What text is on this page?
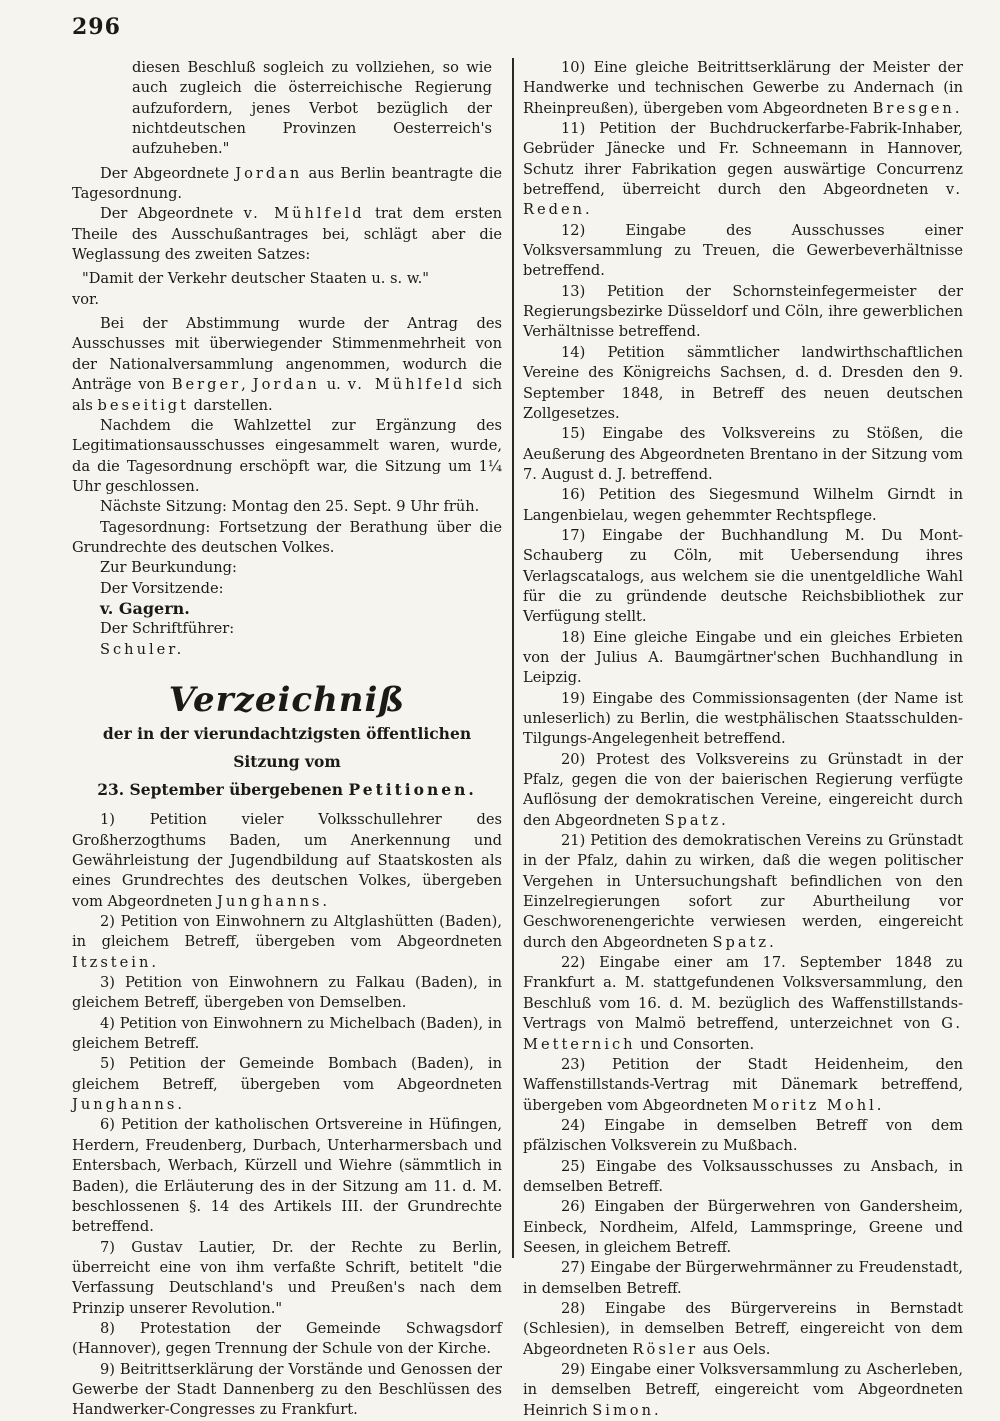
296

diesen Beschluß sogleich zu vollziehen, so wie auch zugleich die österreichische Regierung aufzufordern, jenes Verbot bezüglich der nichtdeutschen Provinzen Oesterreich's aufzuheben."

Der Abgeordnete Jordan aus Berlin beantragte die Tagesordnung.

Der Abgeordnete v. Mühlfeld trat dem ersten Theile des Ausschußantrages bei, schlägt aber die Weglassung des zweiten Satzes:

"Damit der Verkehr deutscher Staaten u. s. w."

vor.

Bei der Abstimmung wurde der Antrag des Ausschusses mit überwiegender Stimmenmehrheit von der Nationalversammlung angenommen, wodurch die Anträge von Berger, Jordan u. v. Mühlfeld sich als beseitigt darstellen.

Nachdem die Wahlzettel zur Ergänzung des Legitimationsausschusses eingesammelt waren, wurde, da die Tagesordnung erschöpft war, die Sitzung um 1¼ Uhr geschlossen.

Nächste Sitzung: Montag den 25. Sept. 9 Uhr früh.

Tagesordnung: Fortsetzung der Berathung über die Grundrechte des deutschen Volkes.

Zur Beurkundung:

Der Vorsitzende:

v. Gagern.

Der Schriftführer:

Schuler.

Verzeichniß

der in der vierundachtzigsten öffentlichen Sitzung vom
23. September übergebenen Petitionen.

1) Petition vieler Volksschullehrer des Großherzogthums Baden, um Anerkennung und Gewährleistung der Jugendbildung auf Staatskosten als eines Grundrechtes des deutschen Volkes, übergeben vom Abgeordneten Junghanns.

2) Petition von Einwohnern zu Altglashütten (Baden), in gleichem Betreff, übergeben vom Abgeordneten Itzstein.

3) Petition von Einwohnern zu Falkau (Baden), in gleichem Betreff, übergeben von Demselben.

4) Petition von Einwohnern zu Michelbach (Baden), in gleichem Betreff.

5) Petition der Gemeinde Bombach (Baden), in gleichem Betreff, übergeben vom Abgeordneten Junghanns.

6) Petition der katholischen Ortsvereine in Hüfingen, Herdern, Freudenberg, Durbach, Unterharmersbach und Entersbach, Werbach, Kürzell und Wiehre (sämmtlich in Baden), die Erläuterung des in der Sitzung am 11. d. M. beschlossenen §. 14 des Artikels III. der Grundrechte betreffend.

7) Gustav Lautier, Dr. der Rechte zu Berlin, überreicht eine von ihm verfaßte Schrift, betitelt "die Verfassung Deutschland's und Preußen's nach dem Prinzip unserer Revolution."

8) Protestation der Gemeinde Schwagsdorf (Hannover), gegen Trennung der Schule von der Kirche.

9) Beitrittserklärung der Vorstände und Genossen der Gewerbe der Stadt Dannenberg zu den Beschlüssen des Handwerker-Congresses zu Frankfurt.

10) Eine gleiche Beitrittserklärung der Meister der Handwerke und technischen Gewerbe zu Andernach (in Rheinpreußen), übergeben vom Abgeordneten Bresgen.

11) Petition der Buchdruckerfarbe-Fabrik-Inhaber, Gebrüder Jänecke und Fr. Schneemann in Hannover, Schutz ihrer Fabrikation gegen auswärtige Concurrenz betreffend, überreicht durch den Abgeordneten v. Reden.

12) Eingabe des Ausschusses einer Volksversammlung zu Treuen, die Gewerbeverhältnisse betreffend.

13) Petition der Schornsteinfegermeister der Regierungsbezirke Düsseldorf und Cöln, ihre gewerblichen Verhältnisse betreffend.

14) Petition sämmtlicher landwirthschaftlichen Vereine des Königreichs Sachsen, d. d. Dresden den 9. September 1848, in Betreff des neuen deutschen Zollgesetzes.

15) Eingabe des Volksvereins zu Stößen, die Aeußerung des Abgeordneten Brentano in der Sitzung vom 7. August d. J. betreffend.

16) Petition des Siegesmund Wilhelm Girndt in Langenbielau, wegen gehemmter Rechtspflege.

17) Eingabe der Buchhandlung M. Du Mont-Schauberg zu Cöln, mit Uebersendung ihres Verlagscatalogs, aus welchem sie die unentgeldliche Wahl für die zu gründende deutsche Reichsbibliothek zur Verfügung stellt.

18) Eine gleiche Eingabe und ein gleiches Erbieten von der Julius A. Baumgärtner'schen Buchhandlung in Leipzig.

19) Eingabe des Commissionsagenten (der Name ist unleserlich) zu Berlin, die westphälischen Staatsschulden-Tilgungs-Angelegenheit betreffend.

20) Protest des Volksvereins zu Grünstadt in der Pfalz, gegen die von der baierischen Regierung verfügte Auflösung der demokratischen Vereine, eingereicht durch den Abgeordneten Spatz.

21) Petition des demokratischen Vereins zu Grünstadt in der Pfalz, dahin zu wirken, daß die wegen politischer Vergehen in Untersuchungshaft befindlichen von den Einzelregierungen sofort zur Aburtheilung vor Geschworenengerichte verwiesen werden, eingereicht durch den Abgeordneten Spatz.

22) Eingabe einer am 17. September 1848 zu Frankfurt a. M. stattgefundenen Volksversammlung, den Beschluß vom 16. d. M. bezüglich des Waffenstillstands-Vertrags von Malmö betreffend, unterzeichnet von G. Metternich und Consorten.

23) Petition der Stadt Heidenheim, den Waffenstillstands-Vertrag mit Dänemark betreffend, übergeben vom Abgeordneten Moritz Mohl.

24) Eingabe in demselben Betreff von dem pfälzischen Volksverein zu Mußbach.

25) Eingabe des Volksausschusses zu Ansbach, in demselben Betreff.

26) Eingaben der Bürgerwehren von Gandersheim, Einbeck, Nordheim, Alfeld, Lammspringe, Greene und Seesen, in gleichem Betreff.

27) Eingabe der Bürgerwehrmänner zu Freudenstadt, in demselben Betreff.

28) Eingabe des Bürgervereins in Bernstadt (Schlesien), in demselben Betreff, eingereicht von dem Abgeordneten Rösler aus Oels.

29) Eingabe einer Volksversammlung zu Ascherleben, in demselben Betreff, eingereicht vom Abgeordneten Heinrich Simon.
